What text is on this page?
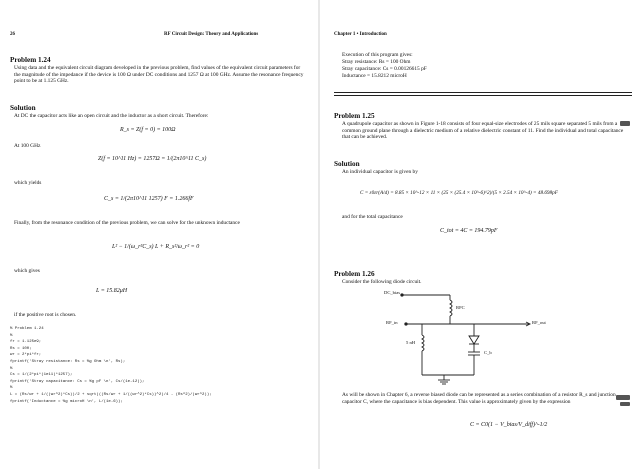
26	RF Circuit Design: Theory and Applications
Problem 1.24
Using data and the equivalent circuit diagram developed in the previous problem, find values of the equivalent circuit parameters for the magnitude of the impedance if the device is 100 Ω under DC conditions and 1257 Ω at 100 GHz. Assume the resonance frequency point to be at 1.125 GHz.
Solution
At DC the capacitor acts like an open circuit and the inductor as a short circuit. Therefore:
R_s = Z(f = 0) = 100Ω
At 100 GHz
Z(f = 10^11 Hz) = 1257Ω = 1/(2π10^11 C_s)
which yields
C_s = 1/(2π10^11 1257) F = 1.266fF
Finally, from the resonance condition of the previous problem, we can solve for the unknown inductance
L² − 1/(ω_r²C_s) L + R_s²/ω_r² = 0
which gives
L = 15.82μH
if the positive root is chosen.
% Problem 1.24
%
fr = 1.125e9;
Rs = 100;
wr = 2*pi*fr;
fprintf('Stray resistance: Rs = %g Ohm \n', Rs);
%
Cs = 1/(2*pi*(1e11)*1257);
fprintf('Stray capacitance: Cs = %g pF \n', Cs/(1e-12));
%
L = (Rs/wr + 1/((wr^2)*Cs))/2 + sqrt(((Rs/wr + 1/((wr^2)*Cs))^2)/4 - (Rs^2)/(wr^2));
fprintf('Inductance = %g microH \n', L/(1e-6));
Chapter 1 • Introduction
Execution of this program gives:
Stray resistance: Rs = 100 Ohm
Stray capacitance: Cs = 0.00126615 pF
Inductance = 15.8212 microH
Problem 1.25
A quadrupole capacitor as shown in Figure 1-18 consists of four equal-size electrodes of 25 mils square separated 5 mils from a common ground plane through a dielectric medium of a relative dielectric constant of 11. Find the individual and total capacitance that can be achieved.
Solution
An individual capacitor is given by
C = ε0εr(A/d) = 8.85 × 10^-12 × 11 × (25 × (25.4 × 10^-6)^2)/(5 × 2.54 × 10^-4) = 48.698pF
and for the total capacitance
C_tot = 4C = 194.79pF
Problem 1.26
Consider the following diode circuit.
DC_bias
RFC
RF_in	RF_out
5 nH
C_b
As will be shown in Chapter 6, a reverse biased diode can be represented as a series combination of a resistor R_s and junction capacitor C, where the capacitance is bias dependent. This value is approximately given by the expression
C = C0(1 − V_bias/V_diff)^-1/2
